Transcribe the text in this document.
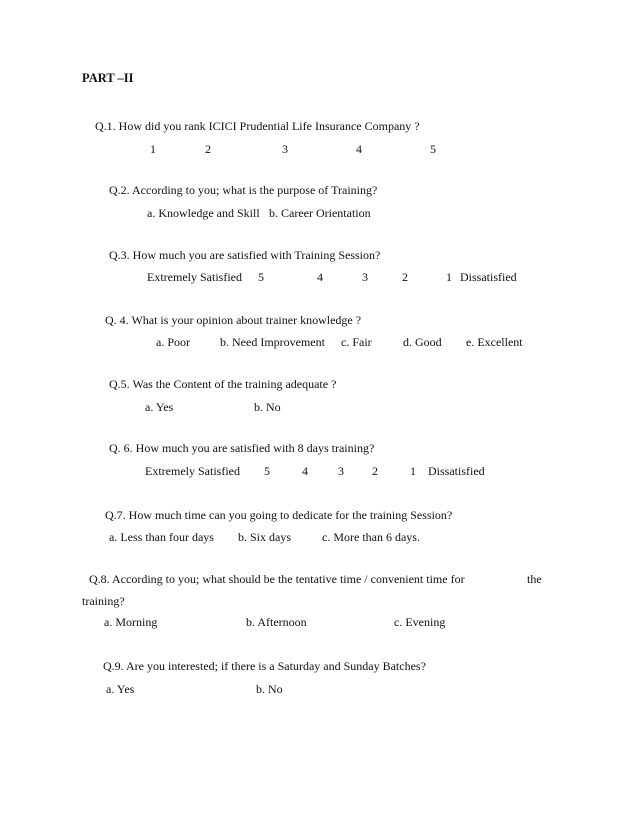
PART –II
Q.1. How did you rank ICICI Prudential Life Insurance Company ?
1	2	3	4	5
Q.2. According to you; what is the purpose of Training?
a. Knowledge and Skill b. Career Orientation
Q.3. How much you are satisfied with Training Session?
Extremely Satisfied 5	4	3	2	1 Dissatisfied
Q. 4. What is your opinion about trainer knowledge ?
a. Poor	b. Need Improvement c. Fair	d. Good e. Excellent
Q.5. Was the Content of the training adequate ?
a. Yes	b. No
Q. 6. How much you are satisfied with 8 days training?
Extremely Satisfied 5	4	3 2	1 Dissatisfied
Q.7. How much time can you going to dedicate for the training Session?
a. Less than four days b. Six days	c. More than 6 days.
Q.8. According to you; what should be the tentative time / convenient time for	the
training?
a. Morning	b. Afternoon	c. Evening
Q.9. Are you interested; if there is a Saturday and Sunday Batches?
a. Yes	b. No
